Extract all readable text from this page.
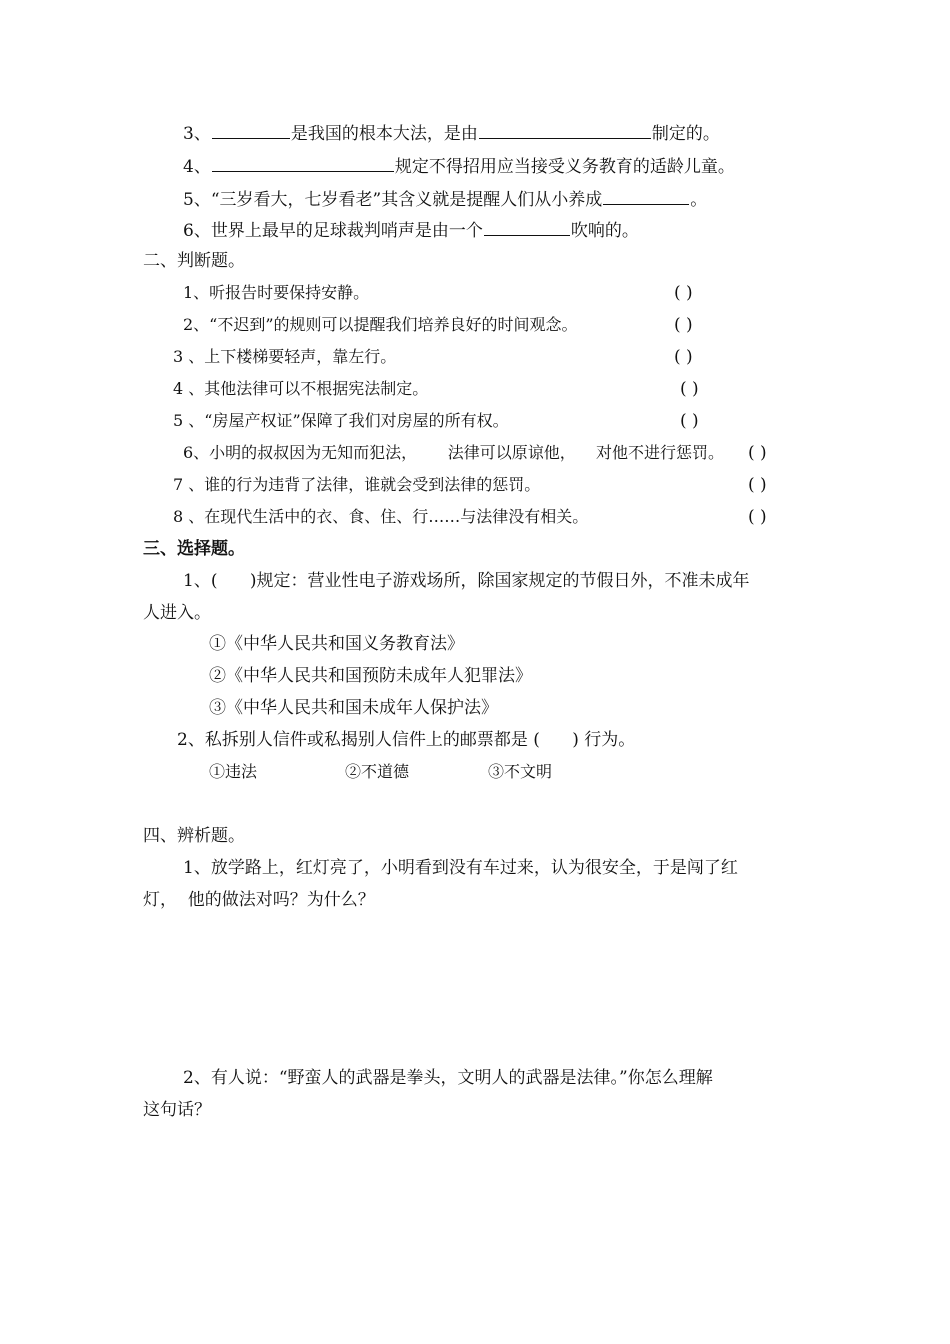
3、	是我国的根本大法，是由	制定的。
4、	规定不得招用应当接受义务教育的适龄儿童。
5、“三岁看大，七岁看老”其含义就是提醒人们从小养成	。
6、世界上最早的足球裁判哨声是由一个	吹响的。
二、判断题。
1、听报告时要保持安静。	( )
2、“不迟到”的规则可以提醒我们培养良好的时间观念。	( )
3 、上下楼梯要轻声，靠左行。	( )
4 、其他法律可以不根据宪法制定。	( )
5 、“房屋产权证”保障了我们对房屋的所有权。	( )
6、小明的叔叔因为无知而犯法，      法律可以原谅他，    对他不进行惩罚。 ( )
7 、谁的行为违背了法律，谁就会受到法律的惩罚。	( )
8 、在现代生活中的衣、食、住、行……与法律没有相关。	( )
三、选择题。
1、(      )规定：营业性电子游戏场所，除国家规定的节假日外，不准未成年
人进入。
①《中华人民共和国义务教育法》
②《中华人民共和国预防未成年人犯罪法》
③《中华人民共和国未成年人保护法》
2、私拆别人信件或私揭别人信件上的邮票都是 (      ) 行为。
①违法	②不道德	③不文明
四、辨析题。
1、放学路上，红灯亮了，小明看到没有车过来，认为很安全，于是闯了红
灯，  他的做法对吗？为什么？
2、有人说：“野蛮人的武器是拳头，文明人的武器是法律。”你怎么理解
这句话？
